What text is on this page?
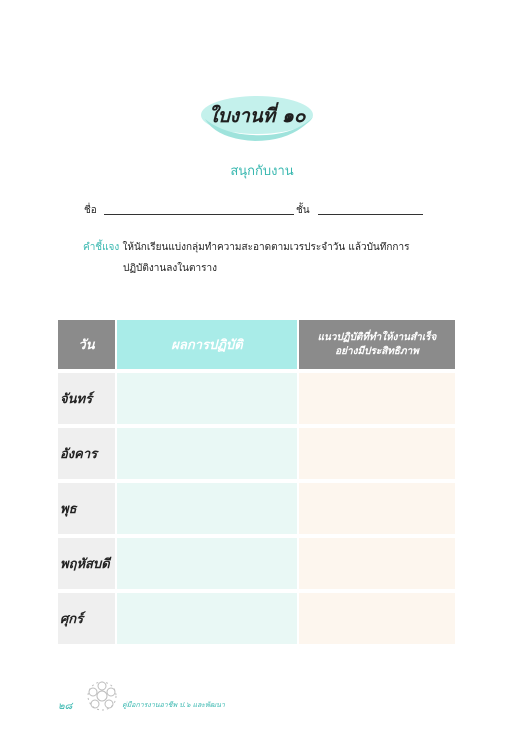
ใบงานที่ ๑๐
สนุกกับงาน
ชื่อ	ชั้น
คำชี้แจง ให้นักเรียนแบ่งกลุ่มทำความสะอาดตามเวรประจำวัน แล้วบันทึกการ
ปฏิบัติงานลงในตาราง
วัน	ผลการปฏิบัติ	แนวปฏิบัติที่ทำให้งานสำเร็จ
อย่างมีประสิทธิภาพ

จันทร์		
อังคาร		
พุธ		
พฤหัสบดี		
ศุกร์		
๒๘	คู่มือการงานอาชีพ ป.๖ และพัฒนา
